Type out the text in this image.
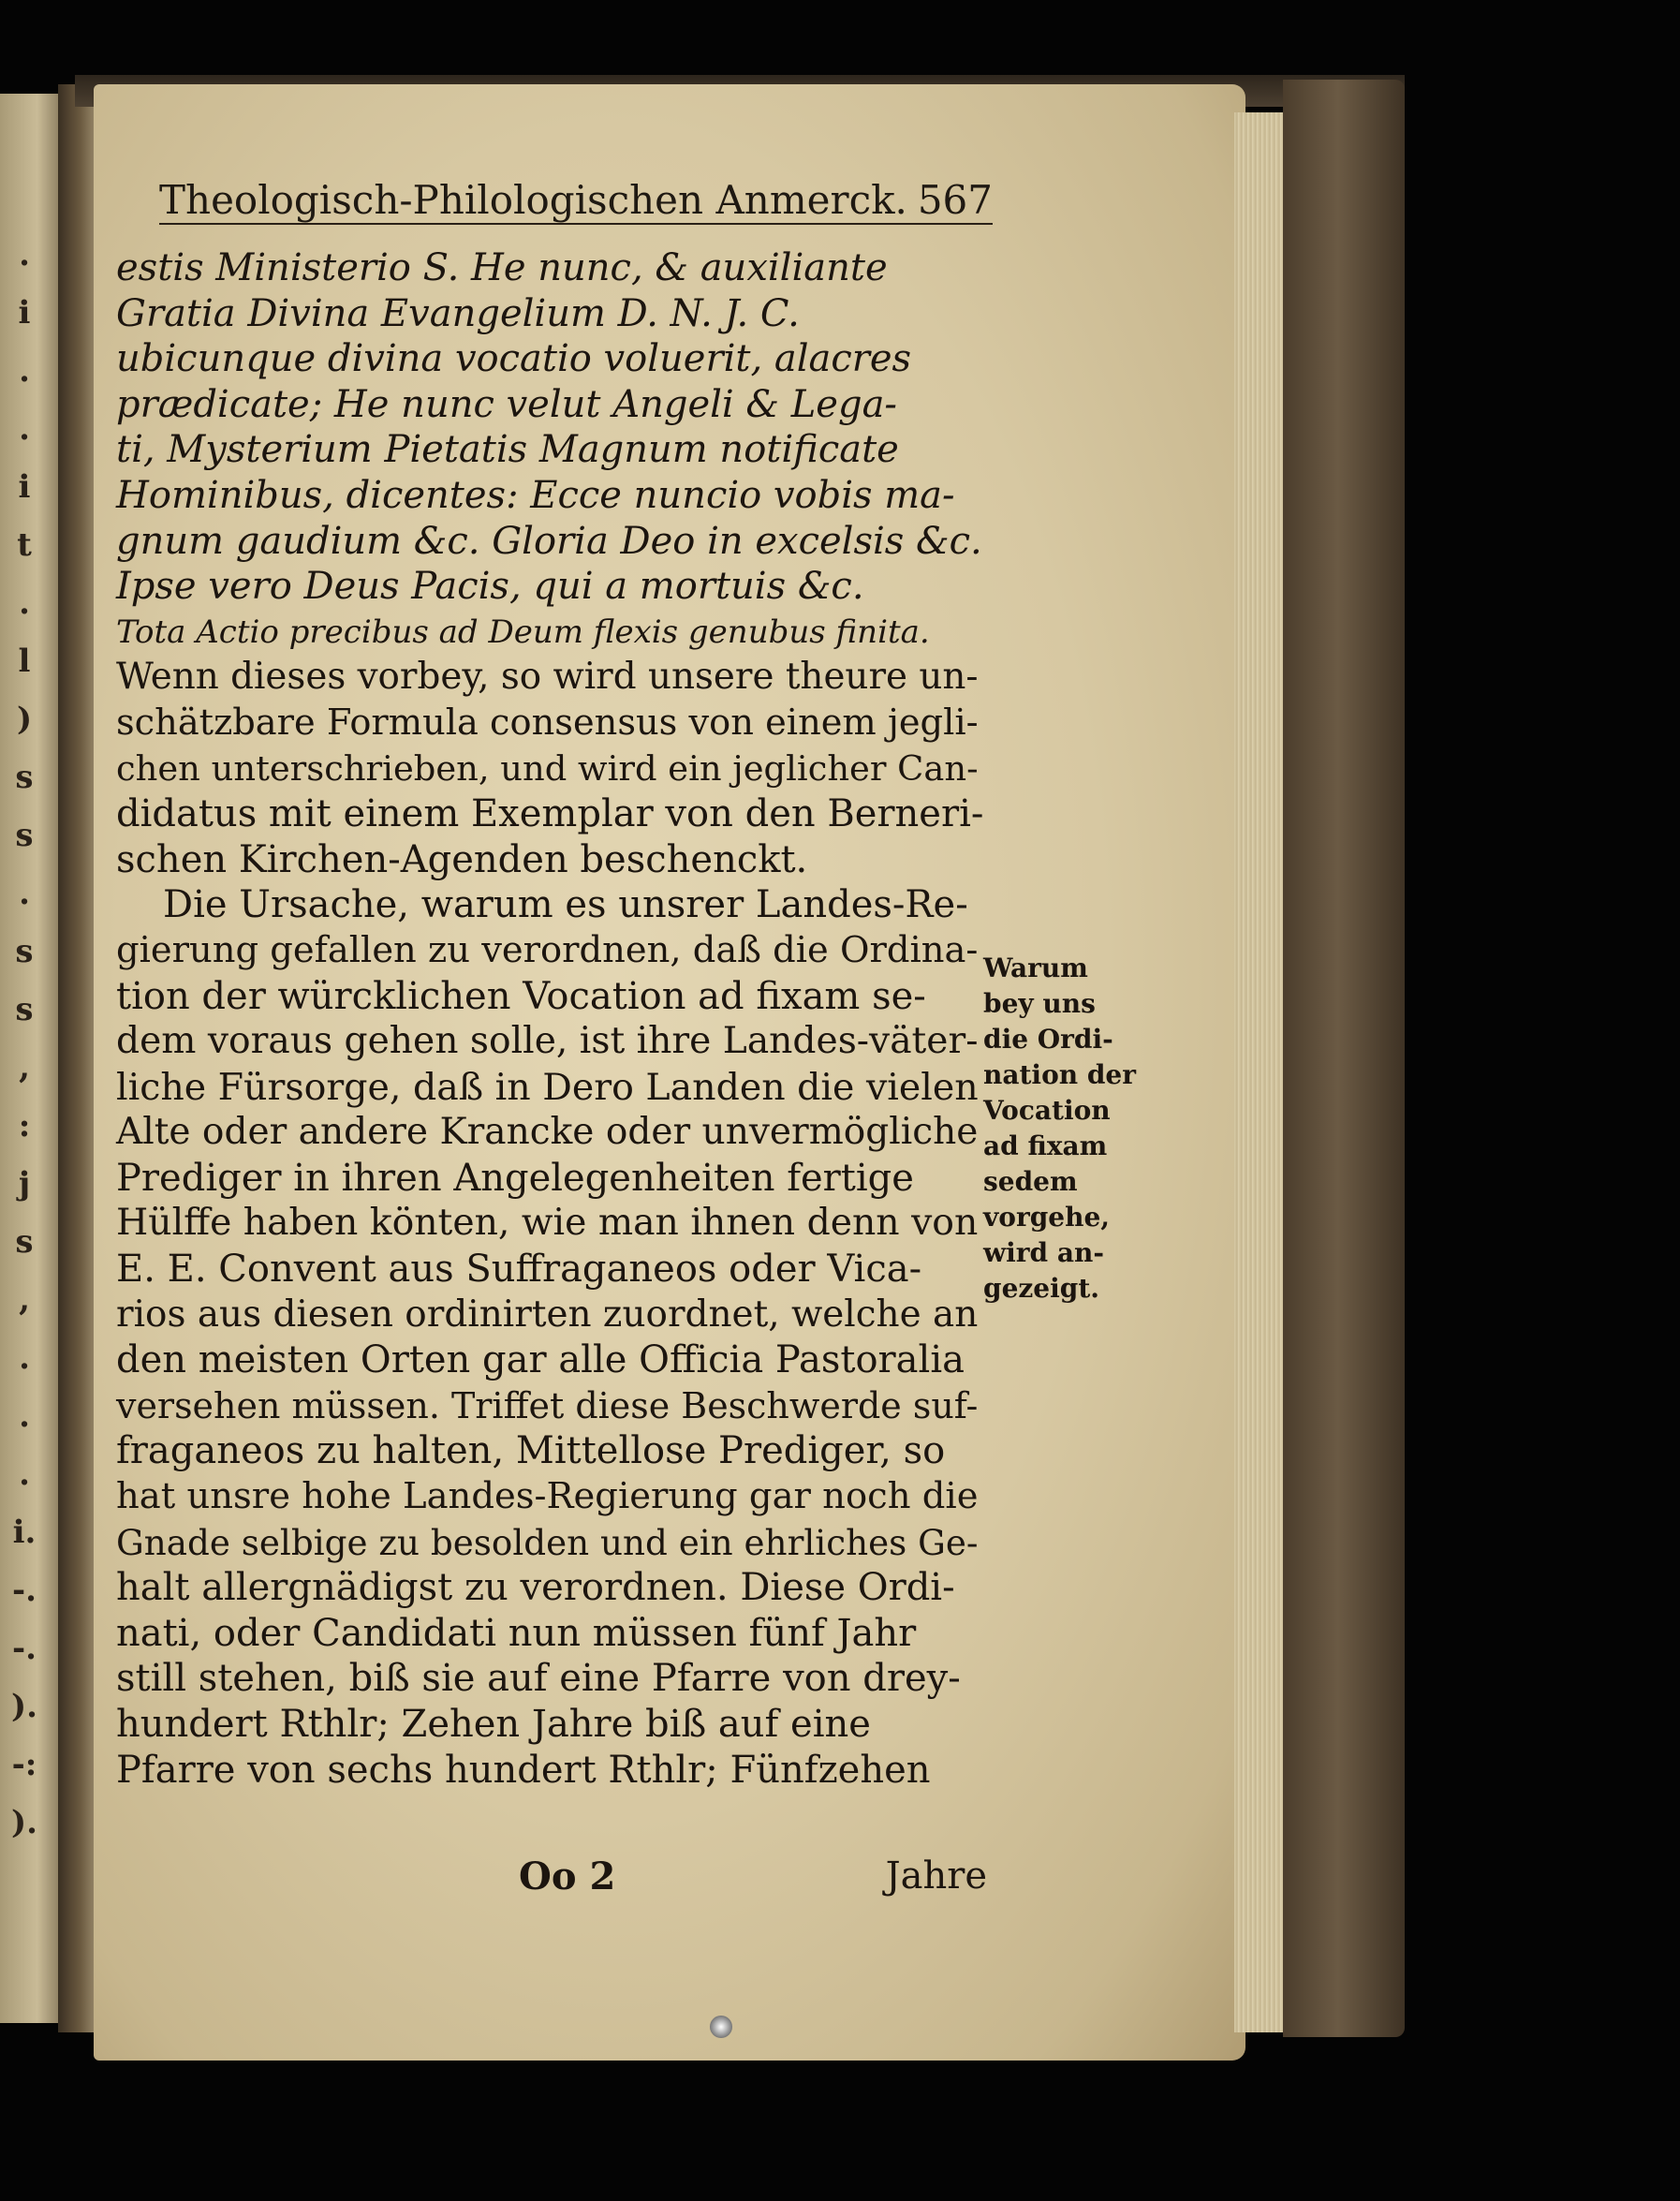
.
i
.
.
i
t
.
l
)
s
s
.
s
s
,
:
j
s
,
.
.
.
i.
-.
-.
).
-:
).
Theologisch-Philologischen Anmerck. 567
estis Ministerio S. He nunc, & auxiliante
Gratia Divina Evangelium D. N. J. C.
ubicunque divina vocatio voluerit, alacres
prædicate; He nunc velut Angeli & Lega-
ti, Mysterium Pietatis Magnum notificate
Hominibus, dicentes: Ecce nuncio vobis ma-
gnum gaudium &c. Gloria Deo in excelsis &c.
Ipse vero Deus Pacis, qui a mortuis &c.
Tota Actio precibus ad Deum flexis genubus finita.
Wenn dieses vorbey, so wird unsere theure un-
schätzbare Formula consensus von einem jegli-
chen unterschrieben, und wird ein jeglicher Can-
didatus mit einem Exemplar von den Berneri-
schen Kirchen-Agenden beschenckt.
Die Ursache, warum es unsrer Landes-Re-
gierung gefallen zu verordnen, daß die Ordina-
tion der würcklichen Vocation ad fixam se-
dem voraus gehen solle, ist ihre Landes-väter-
liche Fürsorge, daß in Dero Landen die vielen
Alte oder andere Krancke oder unvermögliche
Prediger in ihren Angelegenheiten fertige
Hülffe haben könten, wie man ihnen denn von
E. E. Convent aus Suffraganeos oder Vica-
rios aus diesen ordinirten zuordnet, welche an
den meisten Orten gar alle Officia Pastoralia
versehen müssen. Triffet diese Beschwerde suf-
fraganeos zu halten, Mittellose Prediger, so
hat unsre hohe Landes-Regierung gar noch die
Gnade selbige zu besolden und ein ehrliches Ge-
halt allergnädigst zu verordnen. Diese Ordi-
nati, oder Candidati nun müssen fünf Jahr
still stehen, biß sie auf eine Pfarre von drey-
hundert Rthlr; Zehen Jahre biß auf eine
Pfarre von sechs hundert Rthlr; Fünfzehen
Warum
bey uns
die Ordi-
nation der
Vocation
ad fixam
sedem
vorgehe,
wird an-
gezeigt.
Oo 2	Jahre
